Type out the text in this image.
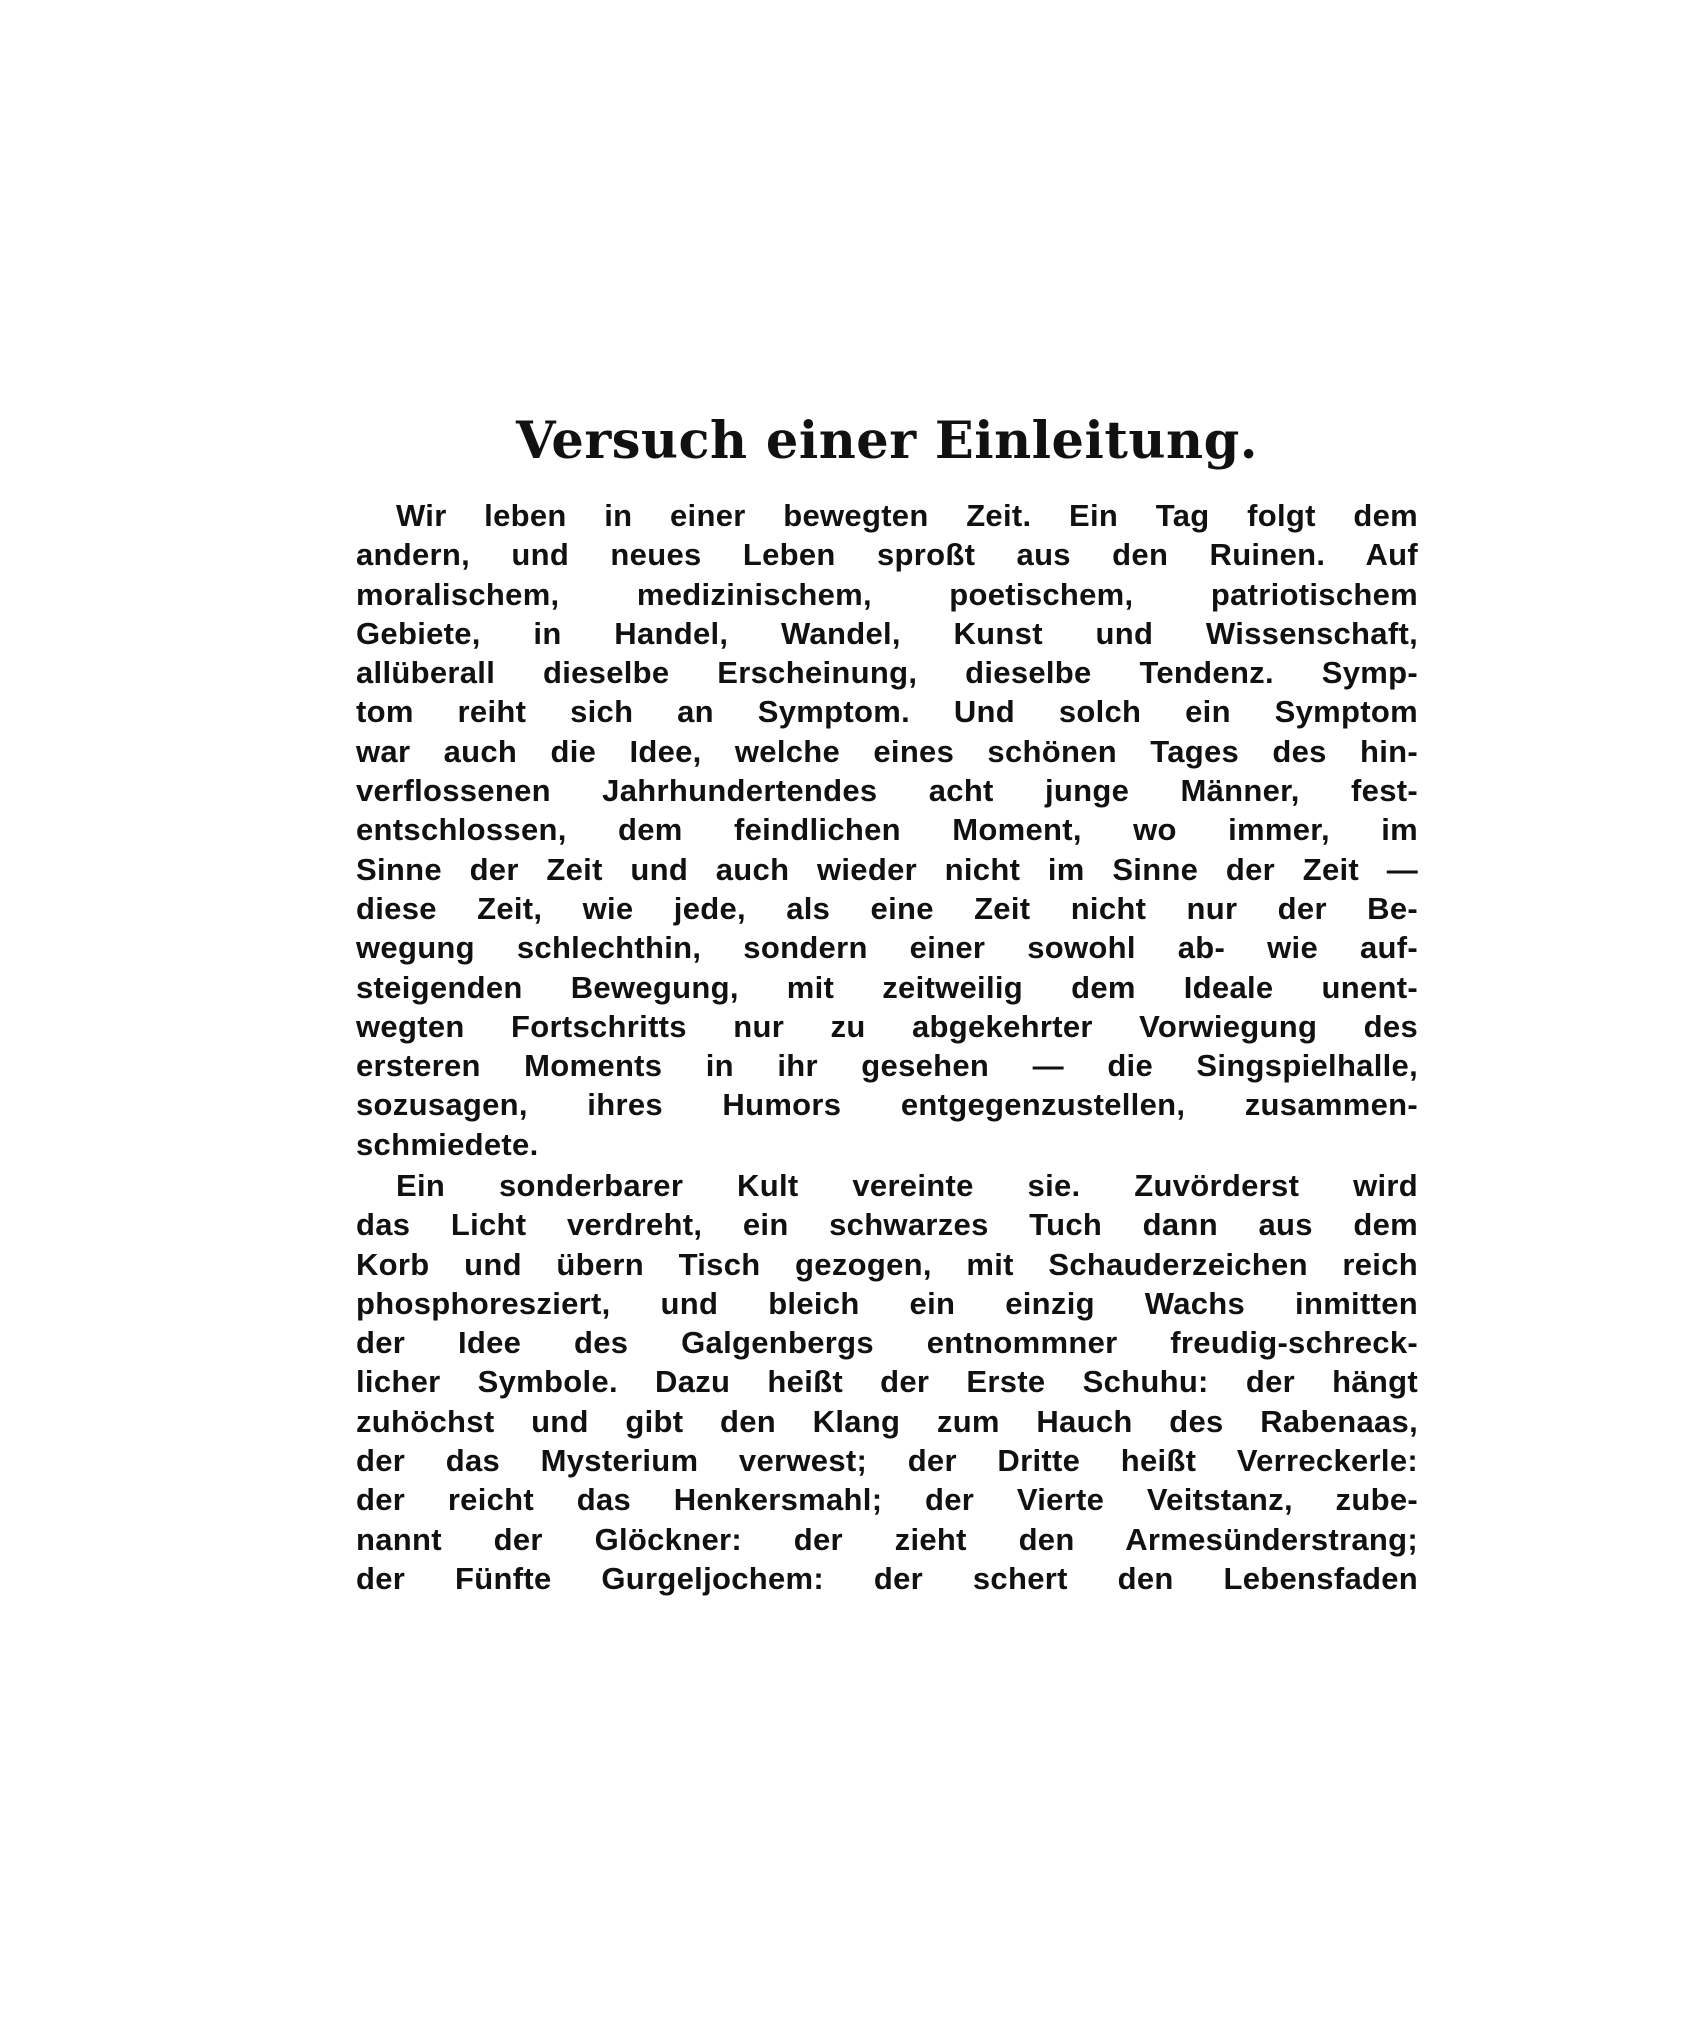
Versuch einer Einleitung.
Wir leben in einer bewegten Zeit. Ein Tag folgt dem
andern, und neues Leben sproßt aus den Ruinen. Auf
moralischem, medizinischem, poetischem, patriotischem
Gebiete, in Handel, Wandel, Kunst und Wissenschaft,
allüberall dieselbe Erscheinung, dieselbe Tendenz. Symp-
tom reiht sich an Symptom. Und solch ein Symptom
war auch die Idee, welche eines schönen Tages des hin-
verflossenen Jahrhundertendes acht junge Männer, fest-
entschlossen, dem feindlichen Moment, wo immer, im
Sinne der Zeit und auch wieder nicht im Sinne der Zeit —
diese Zeit, wie jede, als eine Zeit nicht nur der Be-
wegung schlechthin, sondern einer sowohl ab- wie auf-
steigenden Bewegung, mit zeitweilig dem Ideale unent-
wegten Fortschritts nur zu abgekehrter Vorwiegung des
ersteren Moments in ihr gesehen — die Singspielhalle,
sozusagen, ihres Humors entgegenzustellen, zusammen-
schmiedete.
Ein sonderbarer Kult vereinte sie. Zuvörderst wird
das Licht verdreht, ein schwarzes Tuch dann aus dem
Korb und übern Tisch gezogen, mit Schauderzeichen reich
phosphoresziert, und bleich ein einzig Wachs inmitten
der Idee des Galgenbergs entnommner freudig-schreck-
licher Symbole. Dazu heißt der Erste Schuhu: der hängt
zuhöchst und gibt den Klang zum Hauch des Rabenaas,
der das Mysterium verwest; der Dritte heißt Verreckerle:
der reicht das Henkersmahl; der Vierte Veitstanz, zube-
nannt der Glöckner: der zieht den Armesünderstrang;
der Fünfte Gurgeljochem: der schert den Lebensfaden
